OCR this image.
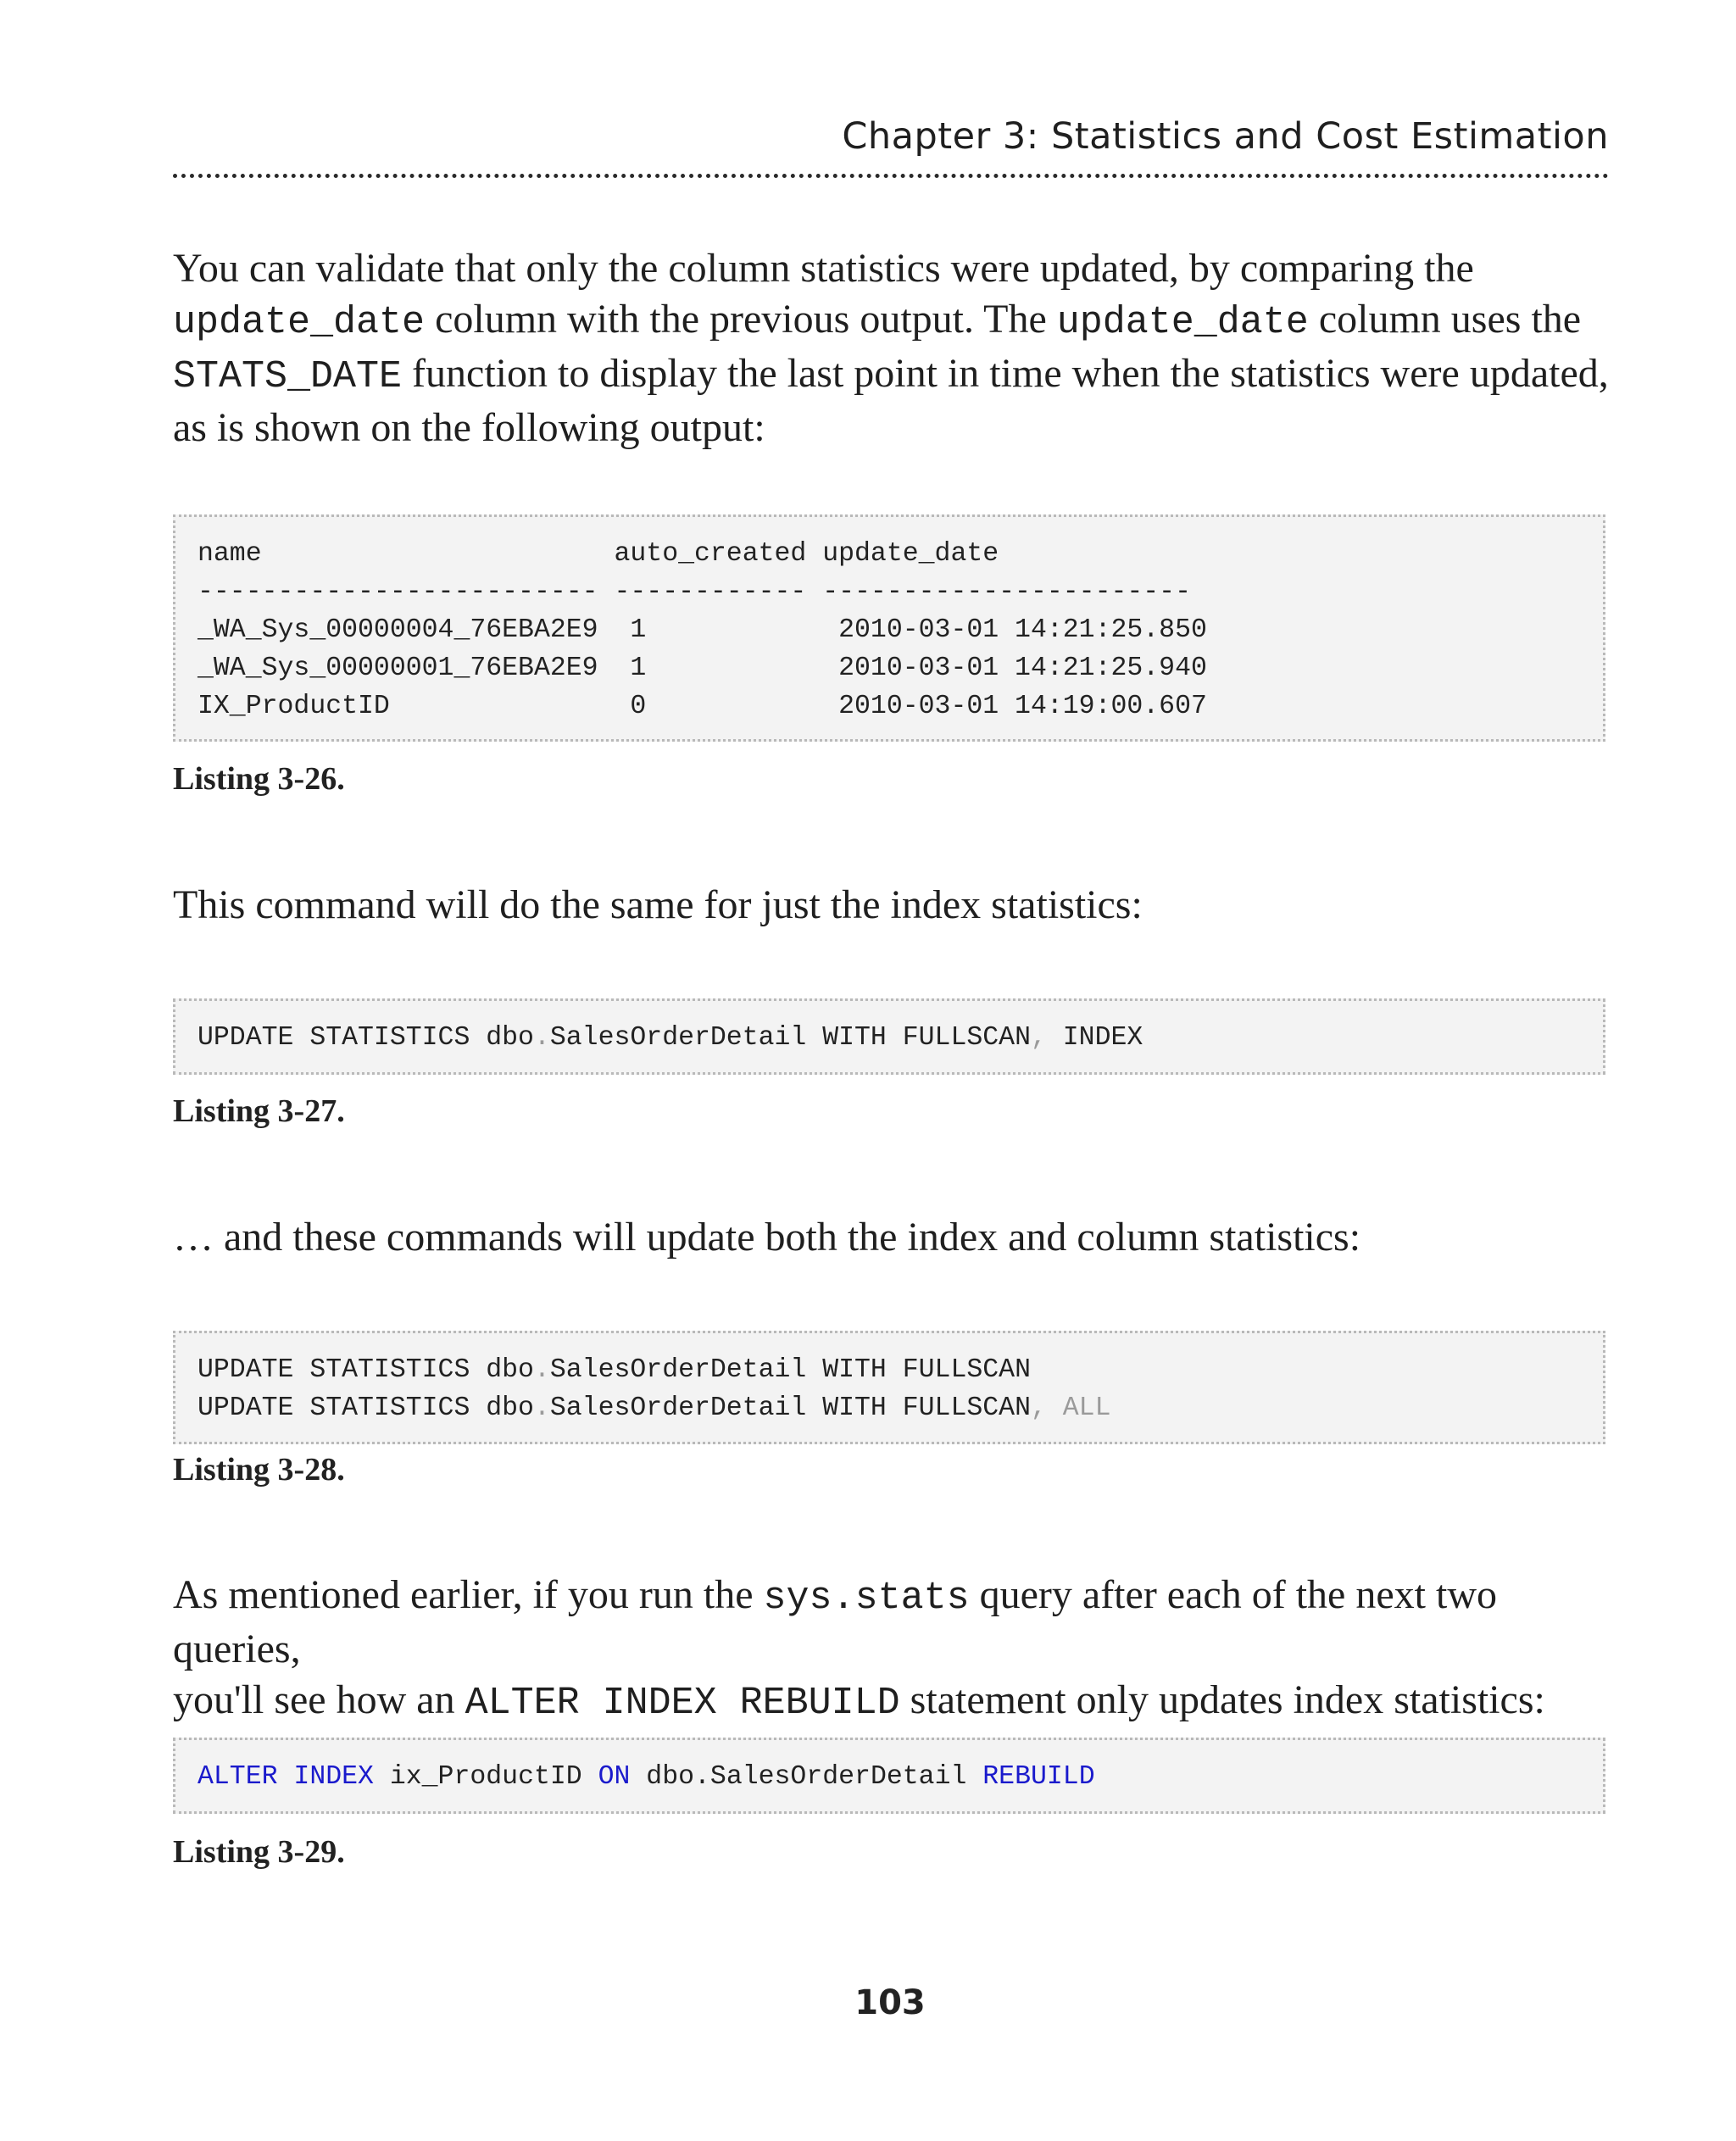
Chapter 3: Statistics and Cost Estimation
You can validate that only the column statistics were updated, by comparing the
update_date column with the previous output. The update_date column uses the
STATS_DATE function to display the last point in time when the statistics were updated,
as is shown on the following output:
name                      auto_created update_date
------------------------- ------------ -----------------------
_WA_Sys_00000004_76EBA2E9  1            2010-03-01 14:21:25.850
_WA_Sys_00000001_76EBA2E9  1            2010-03-01 14:21:25.940
IX_ProductID               0            2010-03-01 14:19:00.607
Listing 3-26.
This command will do the same for just the index statistics:
UPDATE STATISTICS dbo.SalesOrderDetail WITH FULLSCAN, INDEX
Listing 3-27.
… and these commands will update both the index and column statistics:
UPDATE STATISTICS dbo.SalesOrderDetail WITH FULLSCAN
UPDATE STATISTICS dbo.SalesOrderDetail WITH FULLSCAN, ALL
Listing 3-28.
As mentioned earlier, if you run the sys.stats query after each of the next two queries,
you'll see how an ALTER INDEX REBUILD statement only updates index statistics:
ALTER INDEX ix_ProductID ON dbo.SalesOrderDetail REBUILD
Listing 3-29.
103
